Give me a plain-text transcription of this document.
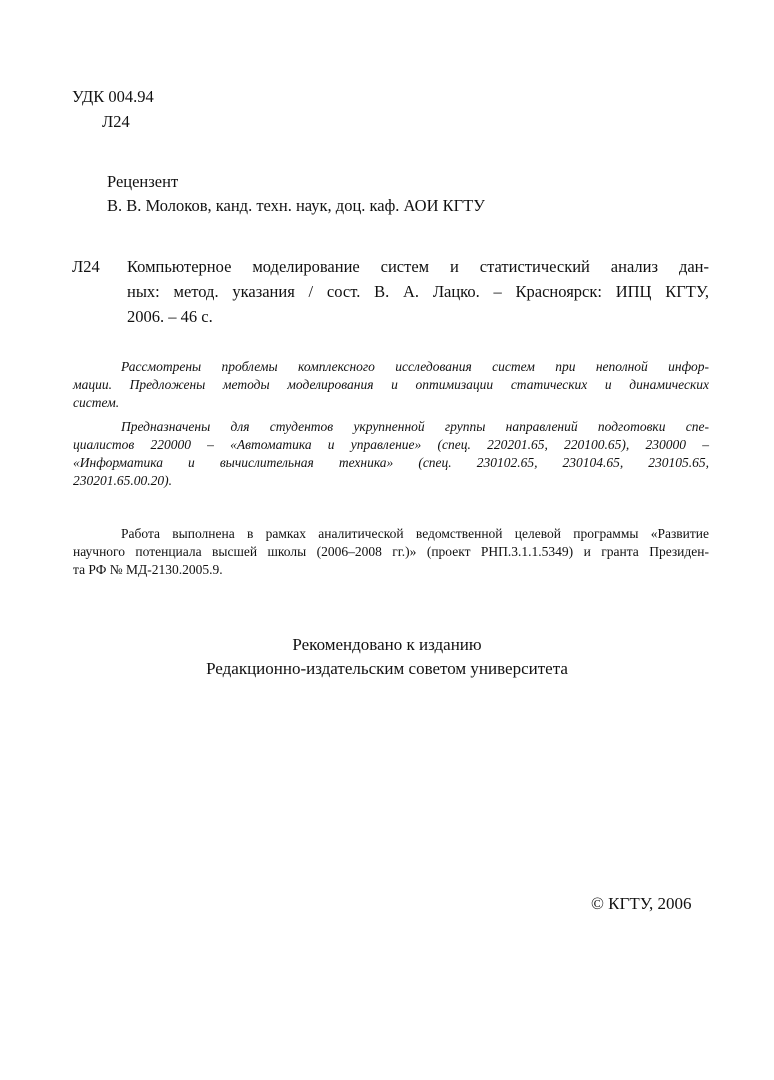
УДК 004.94

Л24

Рецензент

В. В. Молоков, канд. техн. наук, доц. каф. АОИ КГТУ

Л24 Компьютерное моделирование систем и статистический анализ дан-
ных: метод. указания / сост. В. А. Лацко. – Красноярск: ИПЦ КГТУ,
2006. – 46 с.
Рассмотрены проблемы комплексного исследования систем при неполной инфор-
мации. Предложены методы моделирования и оптимизации статических и динамических
систем.
Предназначены для студентов укрупненной группы направлений подготовки спе-
циалистов 220000 – «Автоматика и управление» (спец. 220201.65, 220100.65), 230000 –
«Информатика и вычислительная техника» (спец. 230102.65, 230104.65, 230105.65,
230201.65.00.20).
Работа выполнена в рамках аналитической ведомственной целевой программы «Развитие
научного потенциала высшей школы (2006–2008 гг.)» (проект РНП.3.1.1.5349) и гранта Президен-
та РФ № МД-2130.2005.9.

Рекомендовано к изданию

Редакционно-издательским советом университета

© КГТУ, 2006
